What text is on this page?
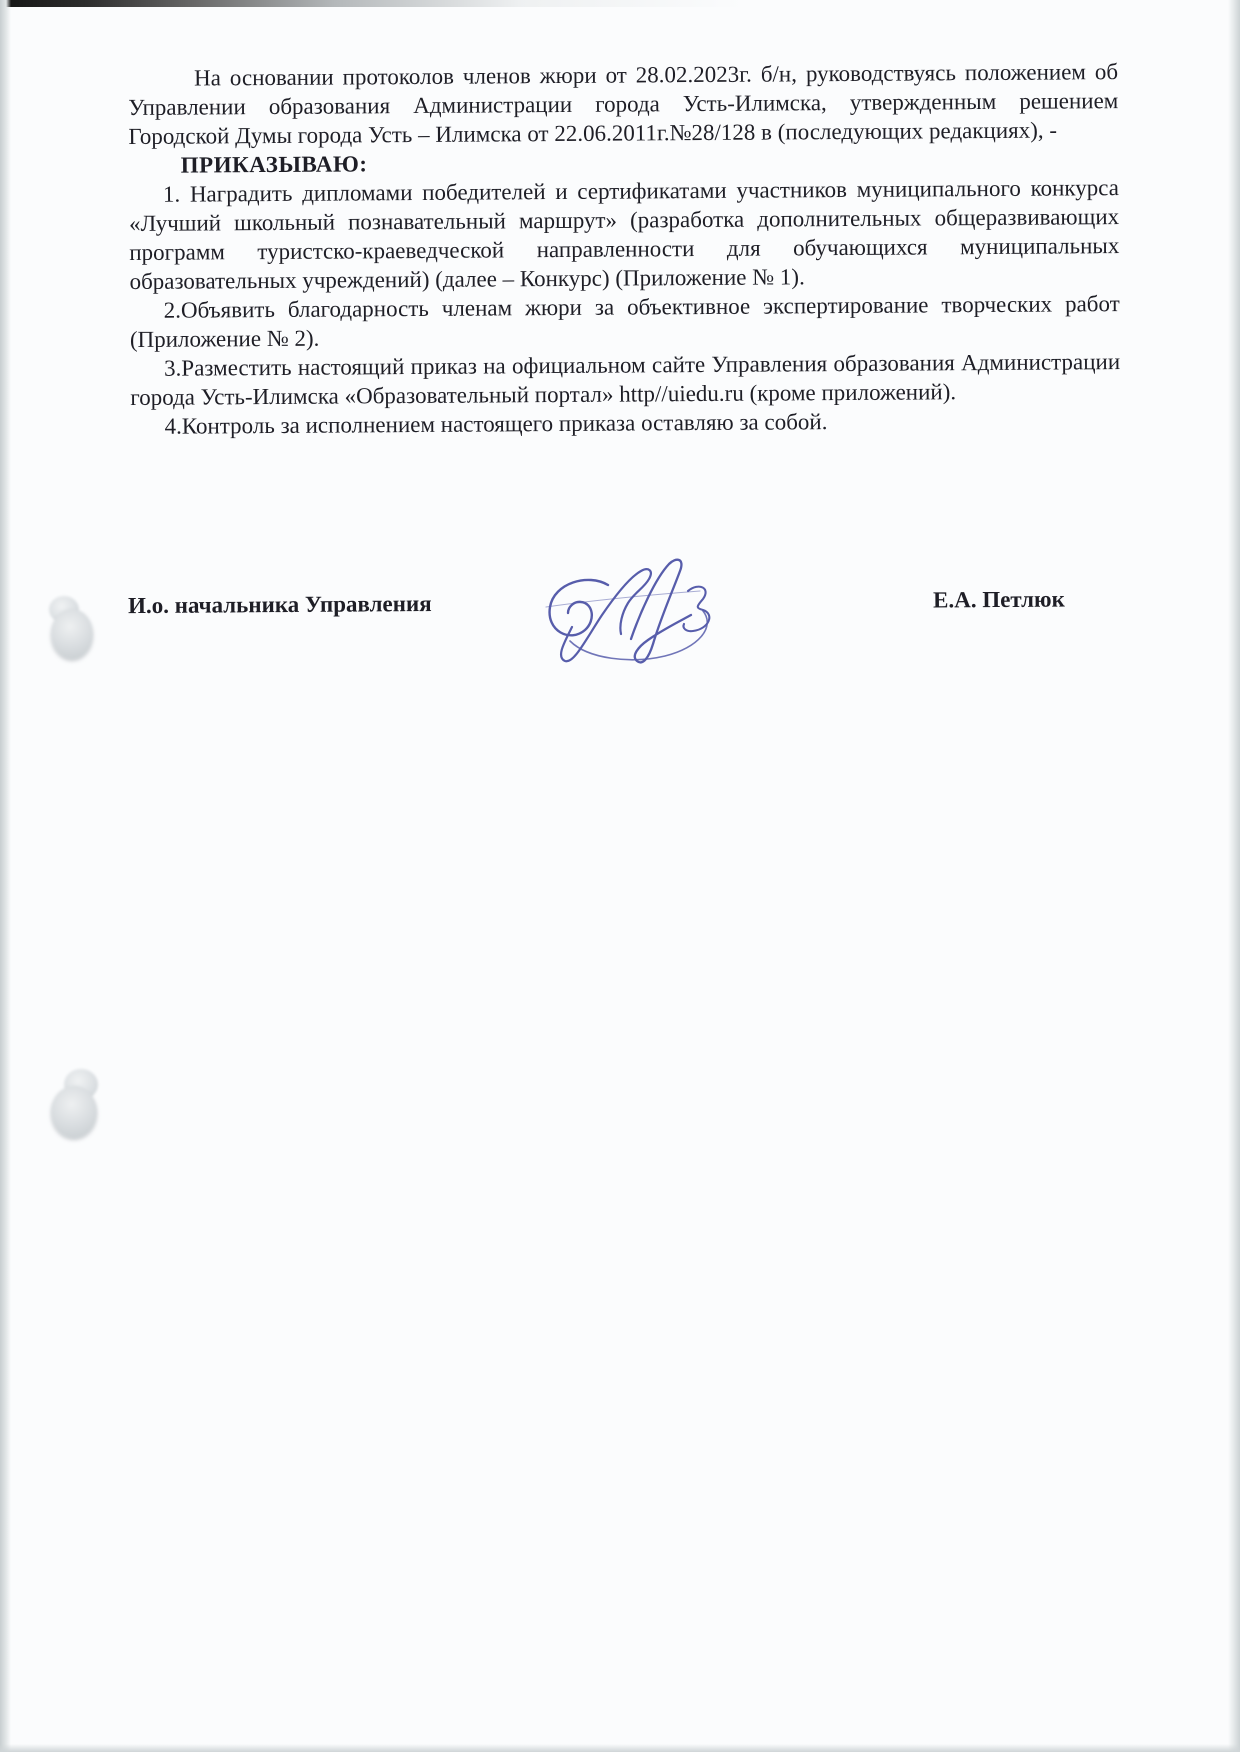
На основании протоколов членов жюри от 28.02.2023г. б/н, руководствуясь положением об Управлении образования Администрации города Усть-Илимска, утвержденным решением Городской Думы города Усть – Илимска от 22.06.2011г.№28/128 в (последующих редакциях), -

ПРИКАЗЫВАЮ:

1. Наградить дипломами победителей и сертификатами участников муниципального конкурса «Лучший школьный познавательный маршрут» (разработка дополнительных общеразвивающих программ туристско-краеведческой направленности для обучающихся муниципальных образовательных учреждений) (далее – Конкурс) (Приложение № 1).

2.Объявить благодарность членам жюри за объективное экспертирование творческих работ (Приложение № 2).

3.Разместить настоящий приказ на официальном сайте Управления образования Администрации города Усть-Илимска «Образовательный портал» http//uiedu.ru (кроме приложений).

4.Контроль за исполнением настоящего приказа оставляю за собой.

И.о. начальника Управления	Е.А. Петлюк
